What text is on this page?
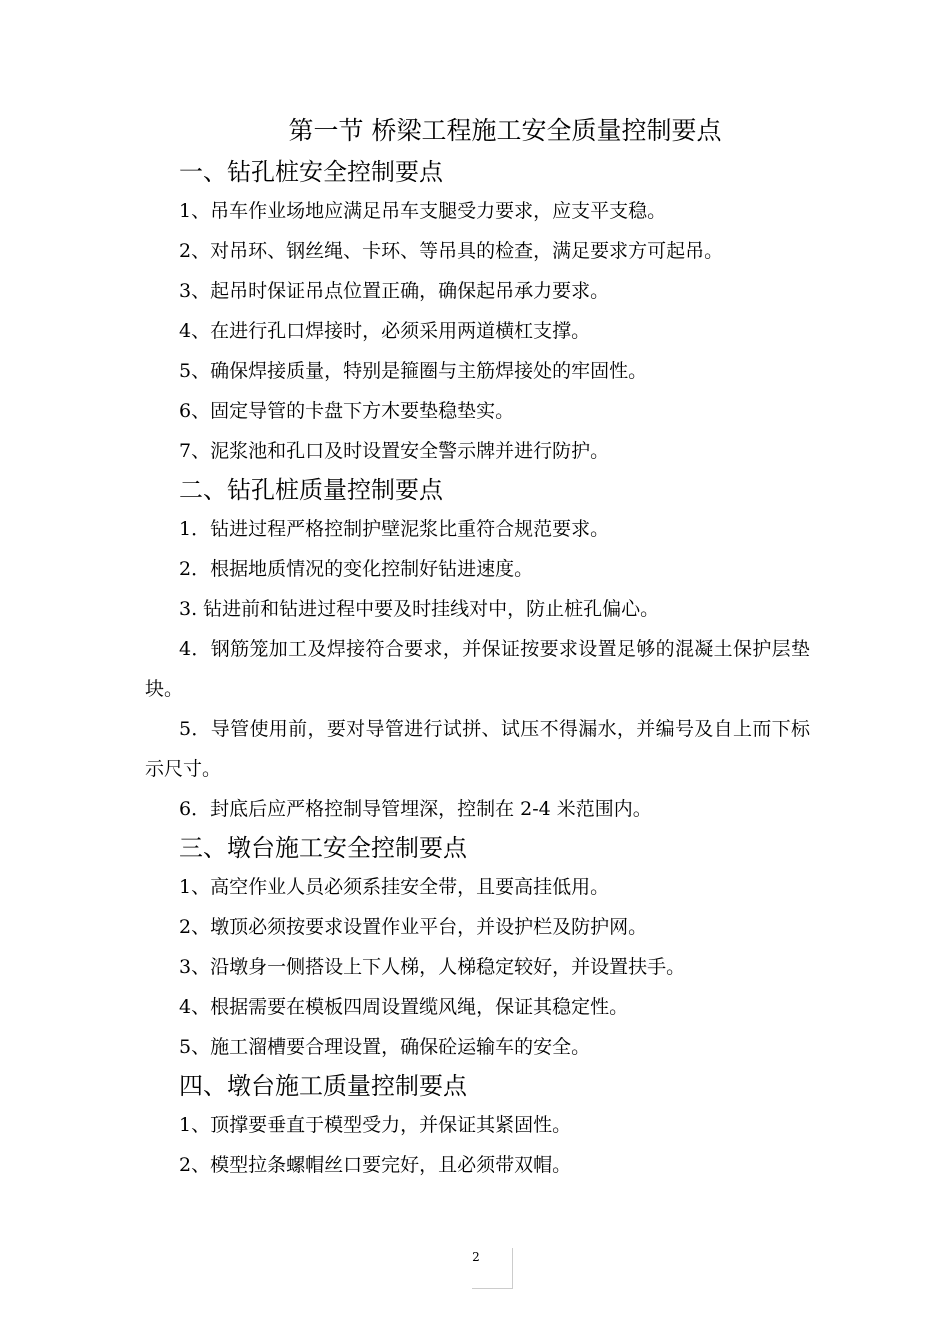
第一节 桥梁工程施工安全质量控制要点
一、钻孔桩安全控制要点
1、吊车作业场地应满足吊车支腿受力要求，应支平支稳。
2、对吊环、钢丝绳、卡环、等吊具的检查，满足要求方可起吊。
3、起吊时保证吊点位置正确，确保起吊承力要求。
4、在进行孔口焊接时，必须采用两道横杠支撑。
5、确保焊接质量，特别是箍圈与主筋焊接处的牢固性。
6、固定导管的卡盘下方木要垫稳垫实。
7、泥浆池和孔口及时设置安全警示牌并进行防护。
二、钻孔桩质量控制要点
1．钻进过程严格控制护壁泥浆比重符合规范要求。
2．根据地质情况的变化控制好钻进速度。
3. 钻进前和钻进过程中要及时挂线对中，防止桩孔偏心。
4．钢筋笼加工及焊接符合要求，并保证按要求设置足够的混凝土保护层垫块。
5．导管使用前，要对导管进行试拼、试压不得漏水，并编号及自上而下标示尺寸。
6．封底后应严格控制导管埋深，控制在 2-4 米范围内。
三、墩台施工安全控制要点
1、高空作业人员必须系挂安全带，且要高挂低用。
2、墩顶必须按要求设置作业平台，并设护栏及防护网。
3、沿墩身一侧搭设上下人梯，人梯稳定较好，并设置扶手。
4、根据需要在模板四周设置缆风绳，保证其稳定性。
5、施工溜槽要合理设置，确保砼运输车的安全。
四、墩台施工质量控制要点
1、顶撑要垂直于模型受力，并保证其紧固性。
2、模型拉条螺帽丝口要完好，且必须带双帽。
2
